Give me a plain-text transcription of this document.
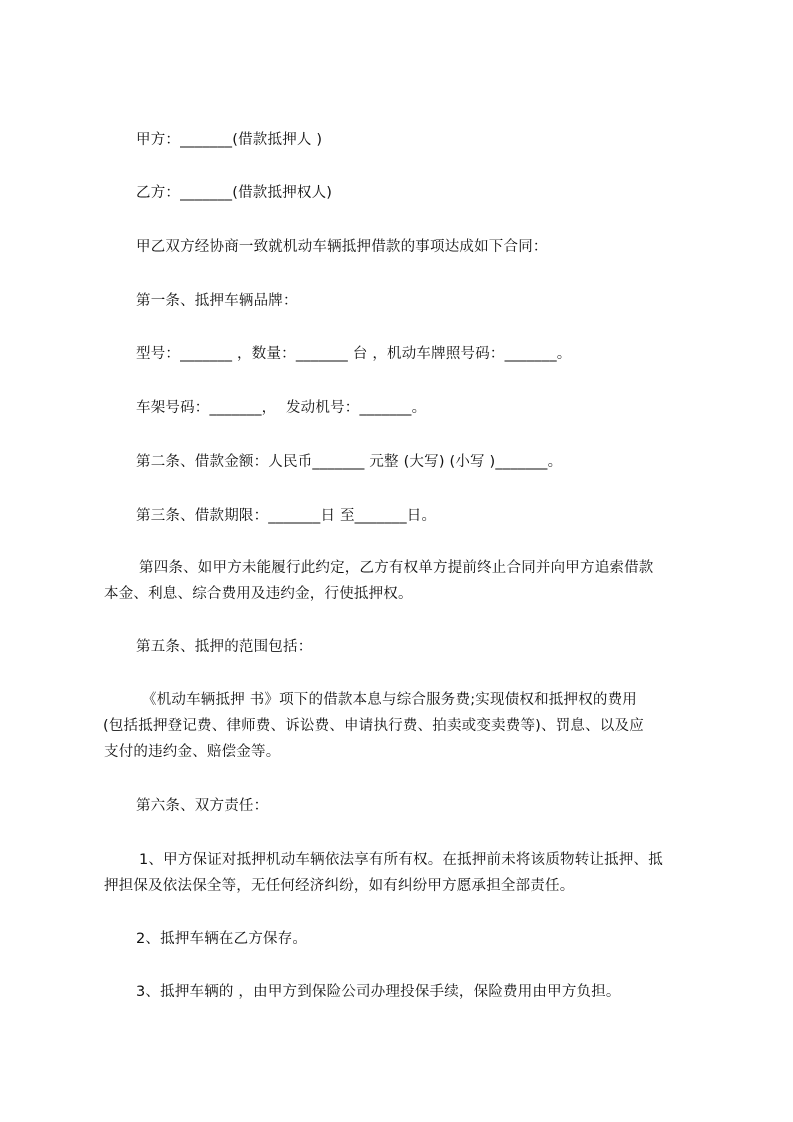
甲方：_______(借款抵押人 )
乙方：_______(借款抵押权人)
甲乙双方经协商一致就机动车辆抵押借款的事项达成如下合同：
第一条、抵押车辆品牌：
型号：_______ ，数量：_______ 台 ，机动车牌照号码：_______。
车架号码：_______，  发动机号：_______。
第二条、借款金额：人民币_______ 元整 (大写) (小写 )_______。
第三条、借款期限：_______日 至_______日。
第四条、如甲方未能履行此约定，乙方有权单方提前终止合同并向甲方追索借款
本金、利息、综合费用及违约金，行使抵押权。
第五条、抵押的范围包括：
《机动车辆抵押 书》项下的借款本息与综合服务费;实现债权和抵押权的费用
(包括抵押登记费、律师费、诉讼费、申请执行费、拍卖或变卖费等)、罚息、以及应
支付的违约金、赔偿金等。
第六条、双方责任：
1、甲方保证对抵押机动车辆依法享有所有权。在抵押前未将该质物转让抵押、抵
押担保及依法保全等，无任何经济纠纷，如有纠纷甲方愿承担全部责任。
2、抵押车辆在乙方保存。
3、抵押车辆的 ，由甲方到保险公司办理投保手续，保险费用由甲方负担。
